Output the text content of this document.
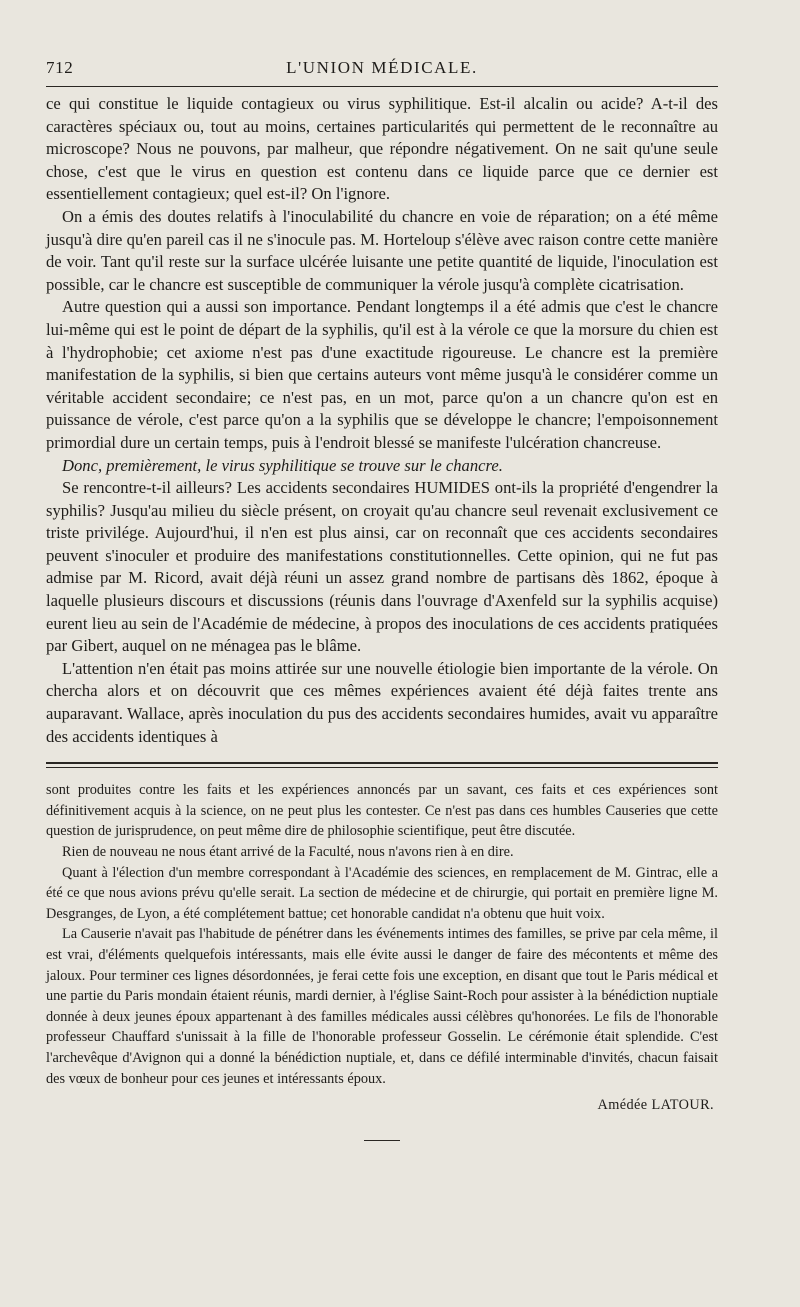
712	L'UNION MÉDICALE.

ce qui constitue le liquide contagieux ou virus syphilitique. Est-il alcalin ou acide? A-t-il des caractères spéciaux ou, tout au moins, certaines particularités qui permettent de le reconnaître au microscope? Nous ne pouvons, par malheur, que répondre négativement. On ne sait qu'une seule chose, c'est que le virus en question est contenu dans ce liquide parce que ce dernier est essentiellement contagieux; quel est-il? On l'ignore.

On a émis des doutes relatifs à l'inoculabilité du chancre en voie de réparation; on a été même jusqu'à dire qu'en pareil cas il ne s'inocule pas. M. Horteloup s'élève avec raison contre cette manière de voir. Tant qu'il reste sur la surface ulcérée luisante une petite quantité de liquide, l'inoculation est possible, car le chancre est susceptible de communiquer la vérole jusqu'à complète cicatrisation.

Autre question qui a aussi son importance. Pendant longtemps il a été admis que c'est le chancre lui-même qui est le point de départ de la syphilis, qu'il est à la vérole ce que la morsure du chien est à l'hydrophobie; cet axiome n'est pas d'une exactitude rigoureuse. Le chancre est la première manifestation de la syphilis, si bien que certains auteurs vont même jusqu'à le considérer comme un véritable accident secondaire; ce n'est pas, en un mot, parce qu'on a un chancre qu'on est en puissance de vérole, c'est parce qu'on a la syphilis que se développe le chancre; l'empoisonnement primordial dure un certain temps, puis à l'endroit blessé se manifeste l'ulcération chancreuse.

Donc, premièrement, le virus syphilitique se trouve sur le chancre.

Se rencontre-t-il ailleurs? Les accidents secondaires HUMIDES ont-ils la propriété d'engendrer la syphilis? Jusqu'au milieu du siècle présent, on croyait qu'au chancre seul revenait exclusivement ce triste privilége. Aujourd'hui, il n'en est plus ainsi, car on reconnaît que ces accidents secondaires peuvent s'inoculer et produire des manifestations constitutionnelles. Cette opinion, qui ne fut pas admise par M. Ricord, avait déjà réuni un assez grand nombre de partisans dès 1862, époque à laquelle plusieurs discours et discussions (réunis dans l'ouvrage d'Axenfeld sur la syphilis acquise) eurent lieu au sein de l'Académie de médecine, à propos des inoculations de ces accidents pratiquées par Gibert, auquel on ne ménagea pas le blâme.

L'attention n'en était pas moins attirée sur une nouvelle étiologie bien importante de la vérole. On chercha alors et on découvrit que ces mêmes expériences avaient été déjà faites trente ans auparavant. Wallace, après inoculation du pus des accidents secondaires humides, avait vu apparaître des accidents identiques à

sont produites contre les faits et les expériences annoncés par un savant, ces faits et ces expériences sont définitivement acquis à la science, on ne peut plus les contester. Ce n'est pas dans ces humbles Causeries que cette question de jurisprudence, on peut même dire de philosophie scientifique, peut être discutée.

Rien de nouveau ne nous étant arrivé de la Faculté, nous n'avons rien à en dire.

Quant à l'élection d'un membre correspondant à l'Académie des sciences, en remplacement de M. Gintrac, elle a été ce que nous avions prévu qu'elle serait. La section de médecine et de chirurgie, qui portait en première ligne M. Desgranges, de Lyon, a été complétement battue; cet honorable candidat n'a obtenu que huit voix.

La Causerie n'avait pas l'habitude de pénétrer dans les événements intimes des familles, se prive par cela même, il est vrai, d'éléments quelquefois intéressants, mais elle évite aussi le danger de faire des mécontents et même des jaloux. Pour terminer ces lignes désordonnées, je ferai cette fois une exception, en disant que tout le Paris médical et une partie du Paris mondain étaient réunis, mardi dernier, à l'église Saint-Roch pour assister à la bénédiction nuptiale donnée à deux jeunes époux appartenant à des familles médicales aussi célèbres qu'honorées. Le fils de l'honorable professeur Chauffard s'unissait à la fille de l'honorable professeur Gosselin. Le cérémonie était splendide. C'est l'archevêque d'Avignon qui a donné la bénédiction nuptiale, et, dans ce défilé interminable d'invités, chacun faisait des vœux de bonheur pour ces jeunes et intéressants époux.

Amédée LATOUR.
